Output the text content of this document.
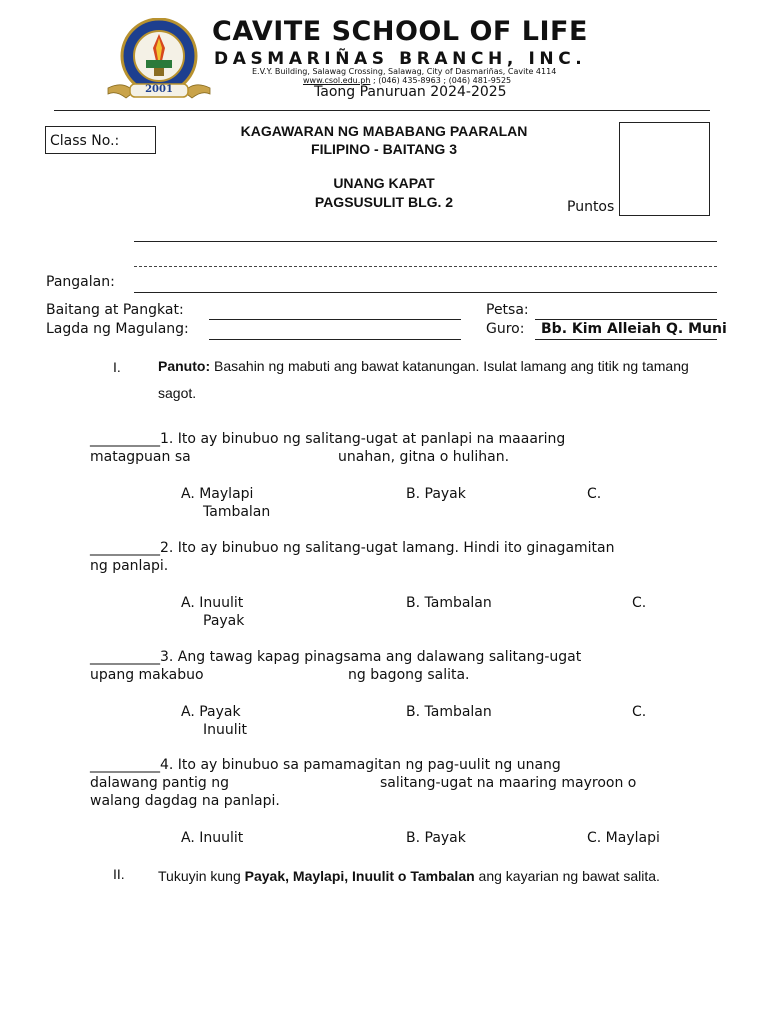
2001
CAVITE SCHOOL OF LIFE
DASMARIÑAS BRANCH, INC.
E.V.Y. Building, Salawag Crossing, Salawag, City of Dasmariñas, Cavite 4114
www.csol.edu.ph ; (046) 435-8963 ; (046) 481-9525
Taong Panuruan 2024-2025
Class No.:
KAGAWARAN NG MABABANG PAARALAN
FILIPINO - BAITANG 3
UNANG KAPAT
PAGSUSULIT BLG. 2	Puntos
Pangalan:
Baitang at Pangkat:
Lagda ng Magulang:
Petsa:
Guro: Bb. Kim Alleiah Q. Muni
I.	Panuto: Basahin ng mabuti ang bawat katanungan. Isulat lamang ang titik ng tamang sagot.
__________1. Ito ay binubuo ng salitang-ugat at panlapi na maaaring
matagpuan sa	unahan, gitna o hulihan.
A. Maylapi	B. Payak	C.
Tambalan
__________2. Ito ay binubuo ng salitang-ugat lamang. Hindi ito ginagamitan
ng panlapi.
A. Inuulit	B. Tambalan	C.
Payak
__________3. Ang tawag kapag pinagsama ang dalawang salitang-ugat
upang makabuo	ng bagong salita.
A. Payak	B. Tambalan	C.
Inuulit
__________4. Ito ay binubuo sa pamamagitan ng pag-uulit ng unang
dalawang pantig ng	salitang-ugat na maaring mayroon o
walang dagdag na panlapi.
A. Inuulit	B. Payak	C. Maylapi
II. Tukuyin kung Payak, Maylapi, Inuulit o Tambalan ang kayarian ng bawat salita.
